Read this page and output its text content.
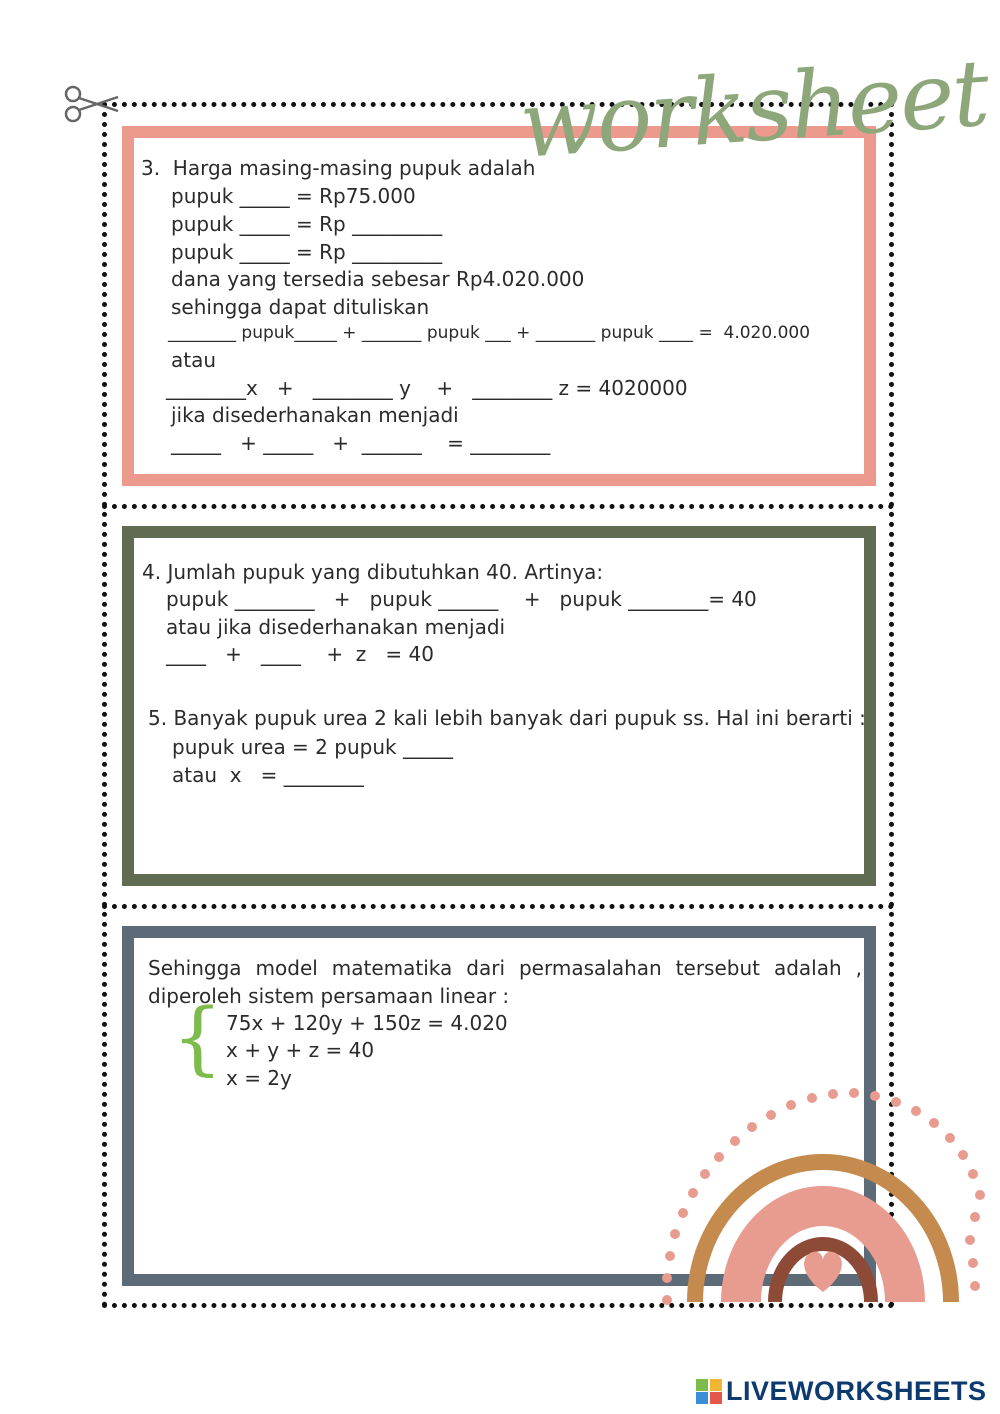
3.  Harga masing-masing pupuk adalah
pupuk _____ = Rp75.000
pupuk _____ = Rp _________
pupuk _____ = Rp _________
dana yang tersedia sebesar Rp4.020.000
sehingga dapat dituliskan
________ pupuk_____ + _______ pupuk ___ + _______ pupuk ____ =  4.020.000
atau
________x   +   ________ y    +   ________ z = 4020000
jika disederhanakan menjadi
_____   + _____   +  ______    = ________
worksheet
4. Jumlah pupuk yang dibutuhkan 40. Artinya:
pupuk ________   +   pupuk ______    +   pupuk ________= 40
atau jika disederhanakan menjadi
____   +   ____    +  z   = 40
5. Banyak pupuk urea 2 kali lebih banyak dari pupuk ss. Hal ini berarti :
pupuk urea = 2 pupuk _____
atau  x   = ________
Sehingga model matematika dari permasalahan tersebut adalah ,
diperoleh sistem persamaan linear :
{ 75x + 120y + 150z = 4.020
x + y + z = 40
x = 2y
LIVEWORKSHEETS
